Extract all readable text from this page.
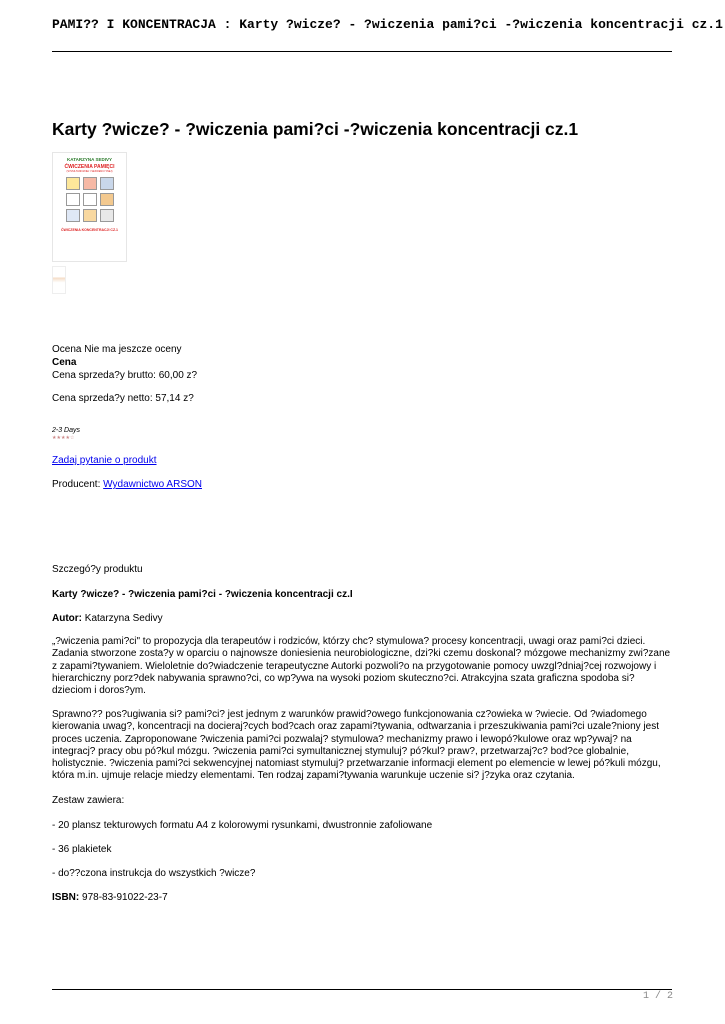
PAMI?? I KONCENTRACJA : Karty ?wicze? - ?wiczenia pami?ci -?wiczenia koncentracji cz.1
Karty ?wicze? - ?wiczenia pami?ci -?wiczenia koncentracji cz.1
KATARZYNA SEDIVY
ĆWICZENIA PAMIĘCI
(SYMULTANICZNEJ I SEKWENCYJNEJ)
ĆWICZENIA KONCENTRACJI CZ.1

Ocena Nie ma jeszcze oceny
Cena
Cena sprzeda?y brutto: 60,00 z?

Cena sprzeda?y netto: 57,14 z?

2-3 Days
★★★★☆

Zadaj pytanie o produkt

Producent: Wydawnictwo ARSON

Szczegó?y produktu

Karty ?wicze? - ?wiczenia pami?ci - ?wiczenia koncentracji cz.I

Autor: Katarzyna Sedivy

„?wiczenia pami?ci" to propozycja dla terapeutów i rodziców, którzy chc? stymulowa? procesy koncentracji, uwagi oraz pami?ci dzieci. Zadania stworzone zosta?y w oparciu o najnowsze doniesienia neurobiologiczne, dzi?ki czemu doskonal? mózgowe mechanizmy zwi?zane z zapami?tywaniem. Wieloletnie do?wiadczenie terapeutyczne Autorki pozwoli?o na przygotowanie pomocy uwzgl?dniaj?cej rozwojowy i hierarchiczny porz?dek nabywania sprawno?ci, co wp?ywa na wysoki poziom skuteczno?ci. Atrakcyjna szata graficzna spodoba si? dzieciom i doros?ym.

Sprawno?? pos?ugiwania si? pami?ci? jest jednym z warunków prawid?owego funkcjonowania cz?owieka w ?wiecie. Od ?wiadomego kierowania uwag?, koncentracji na docieraj?cych bod?cach oraz zapami?tywania, odtwarzania i przeszukiwania pami?ci uzale?niony jest proces uczenia. Zaproponowane ?wiczenia pami?ci pozwalaj? stymulowa? mechanizmy prawo i lewopó?kulowe oraz wp?ywaj? na integracj? pracy obu pó?kul mózgu. ?wiczenia pami?ci symultanicznej stymuluj? pó?kul? praw?, przetwarzaj?c? bod?ce globalnie, holistycznie. ?wiczenia pami?ci sekwencyjnej natomiast stymuluj? przetwarzanie informacji element po elemencie w lewej pó?kuli mózgu, która m.in. ujmuje relacje miedzy elementami. Ten rodzaj zapami?tywania warunkuje uczenie si? j?zyka oraz czytania.

Zestaw zawiera:

- 20 plansz tekturowych formatu A4 z kolorowymi rysunkami, dwustronnie zafoliowane

- 36 plakietek

- do??czona instrukcja do wszystkich ?wicze?

ISBN: 978-83-91022-23-7

1 / 2
